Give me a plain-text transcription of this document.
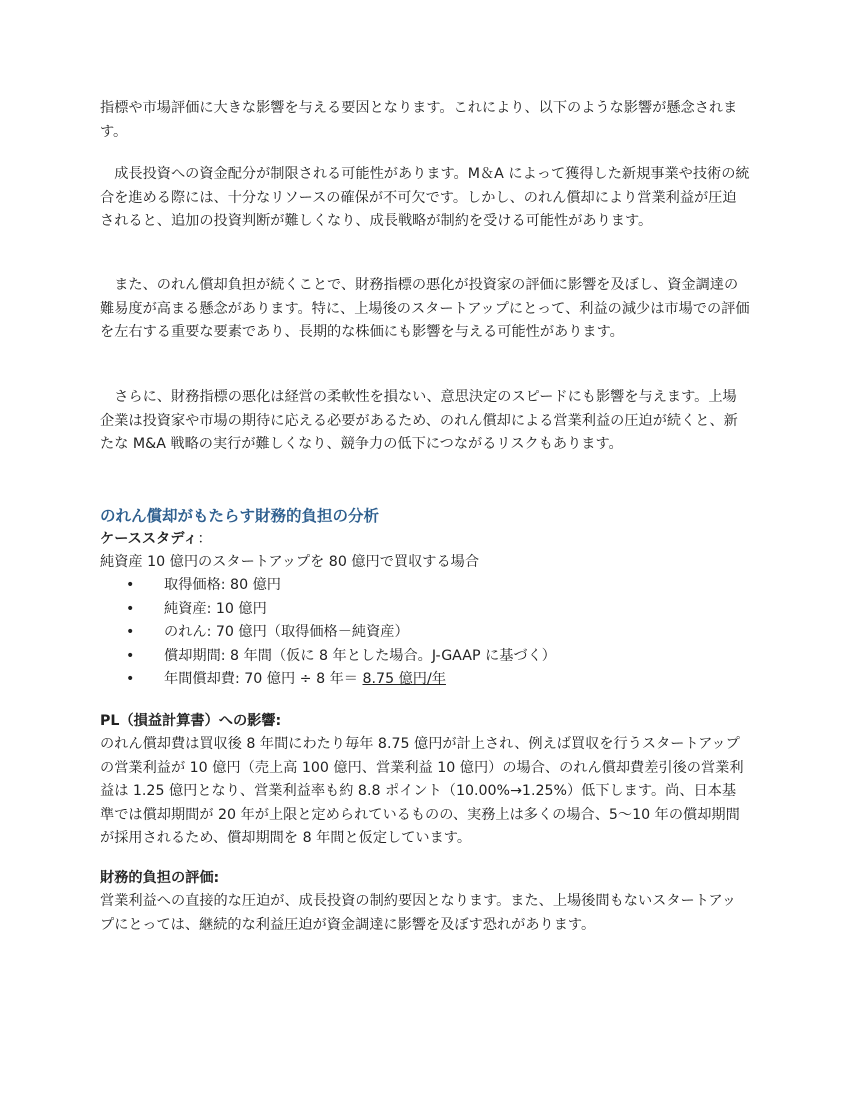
指標や市場評価に大きな影響を与える要因となります。これにより、以下のような影響が懸念されます。

　成長投資への資金配分が制限される可能性があります。M＆A によって獲得した新規事業や技術の統合を進める際には、十分なリソースの確保が不可欠です。しかし、のれん償却により営業利益が圧迫されると、追加の投資判断が難しくなり、成長戦略が制約を受ける可能性があります。

　また、のれん償却負担が続くことで、財務指標の悪化が投資家の評価に影響を及ぼし、資金調達の難易度が高まる懸念があります。特に、上場後のスタートアップにとって、利益の減少は市場での評価を左右する重要な要素であり、長期的な株価にも影響を与える可能性があります。

　さらに、財務指標の悪化は経営の柔軟性を損ない、意思決定のスピードにも影響を与えます。上場企業は投資家や市場の期待に応える必要があるため、のれん償却による営業利益の圧迫が続くと、新たな M&A 戦略の実行が難しくなり、競争力の低下につながるリスクもあります。

のれん償却がもたらす財務的負担の分析

ケーススタディ：

純資産 10 億円のスタートアップを 80 億円で買収する場合

• 取得価格: 80 億円
• 純資産: 10 億円
• のれん: 70 億円（取得価格－純資産）
• 償却期間: 8 年間（仮に 8 年とした場合。J-GAAP に基づく）
• 年間償却費: 70 億円 ÷ 8 年＝ 8.75 億円/年

PL（損益計算書）への影響:

のれん償却費は買収後 8 年間にわたり毎年 8.75 億円が計上され、例えば買収を行うスタートアップの営業利益が 10 億円（売上高 100 億円、営業利益 10 億円）の場合、のれん償却費差引後の営業利益は 1.25 億円となり、営業利益率も約 8.8 ポイント（10.00%→1.25%）低下します。尚、日本基準では償却期間が 20 年が上限と定められているものの、実務上は多くの場合、5～10 年の償却期間が採用されるため、償却期間を 8 年間と仮定しています。

財務的負担の評価:

営業利益への直接的な圧迫が、成長投資の制約要因となります。また、上場後間もないスタートアップにとっては、継続的な利益圧迫が資金調達に影響を及ぼす恐れがあります。
